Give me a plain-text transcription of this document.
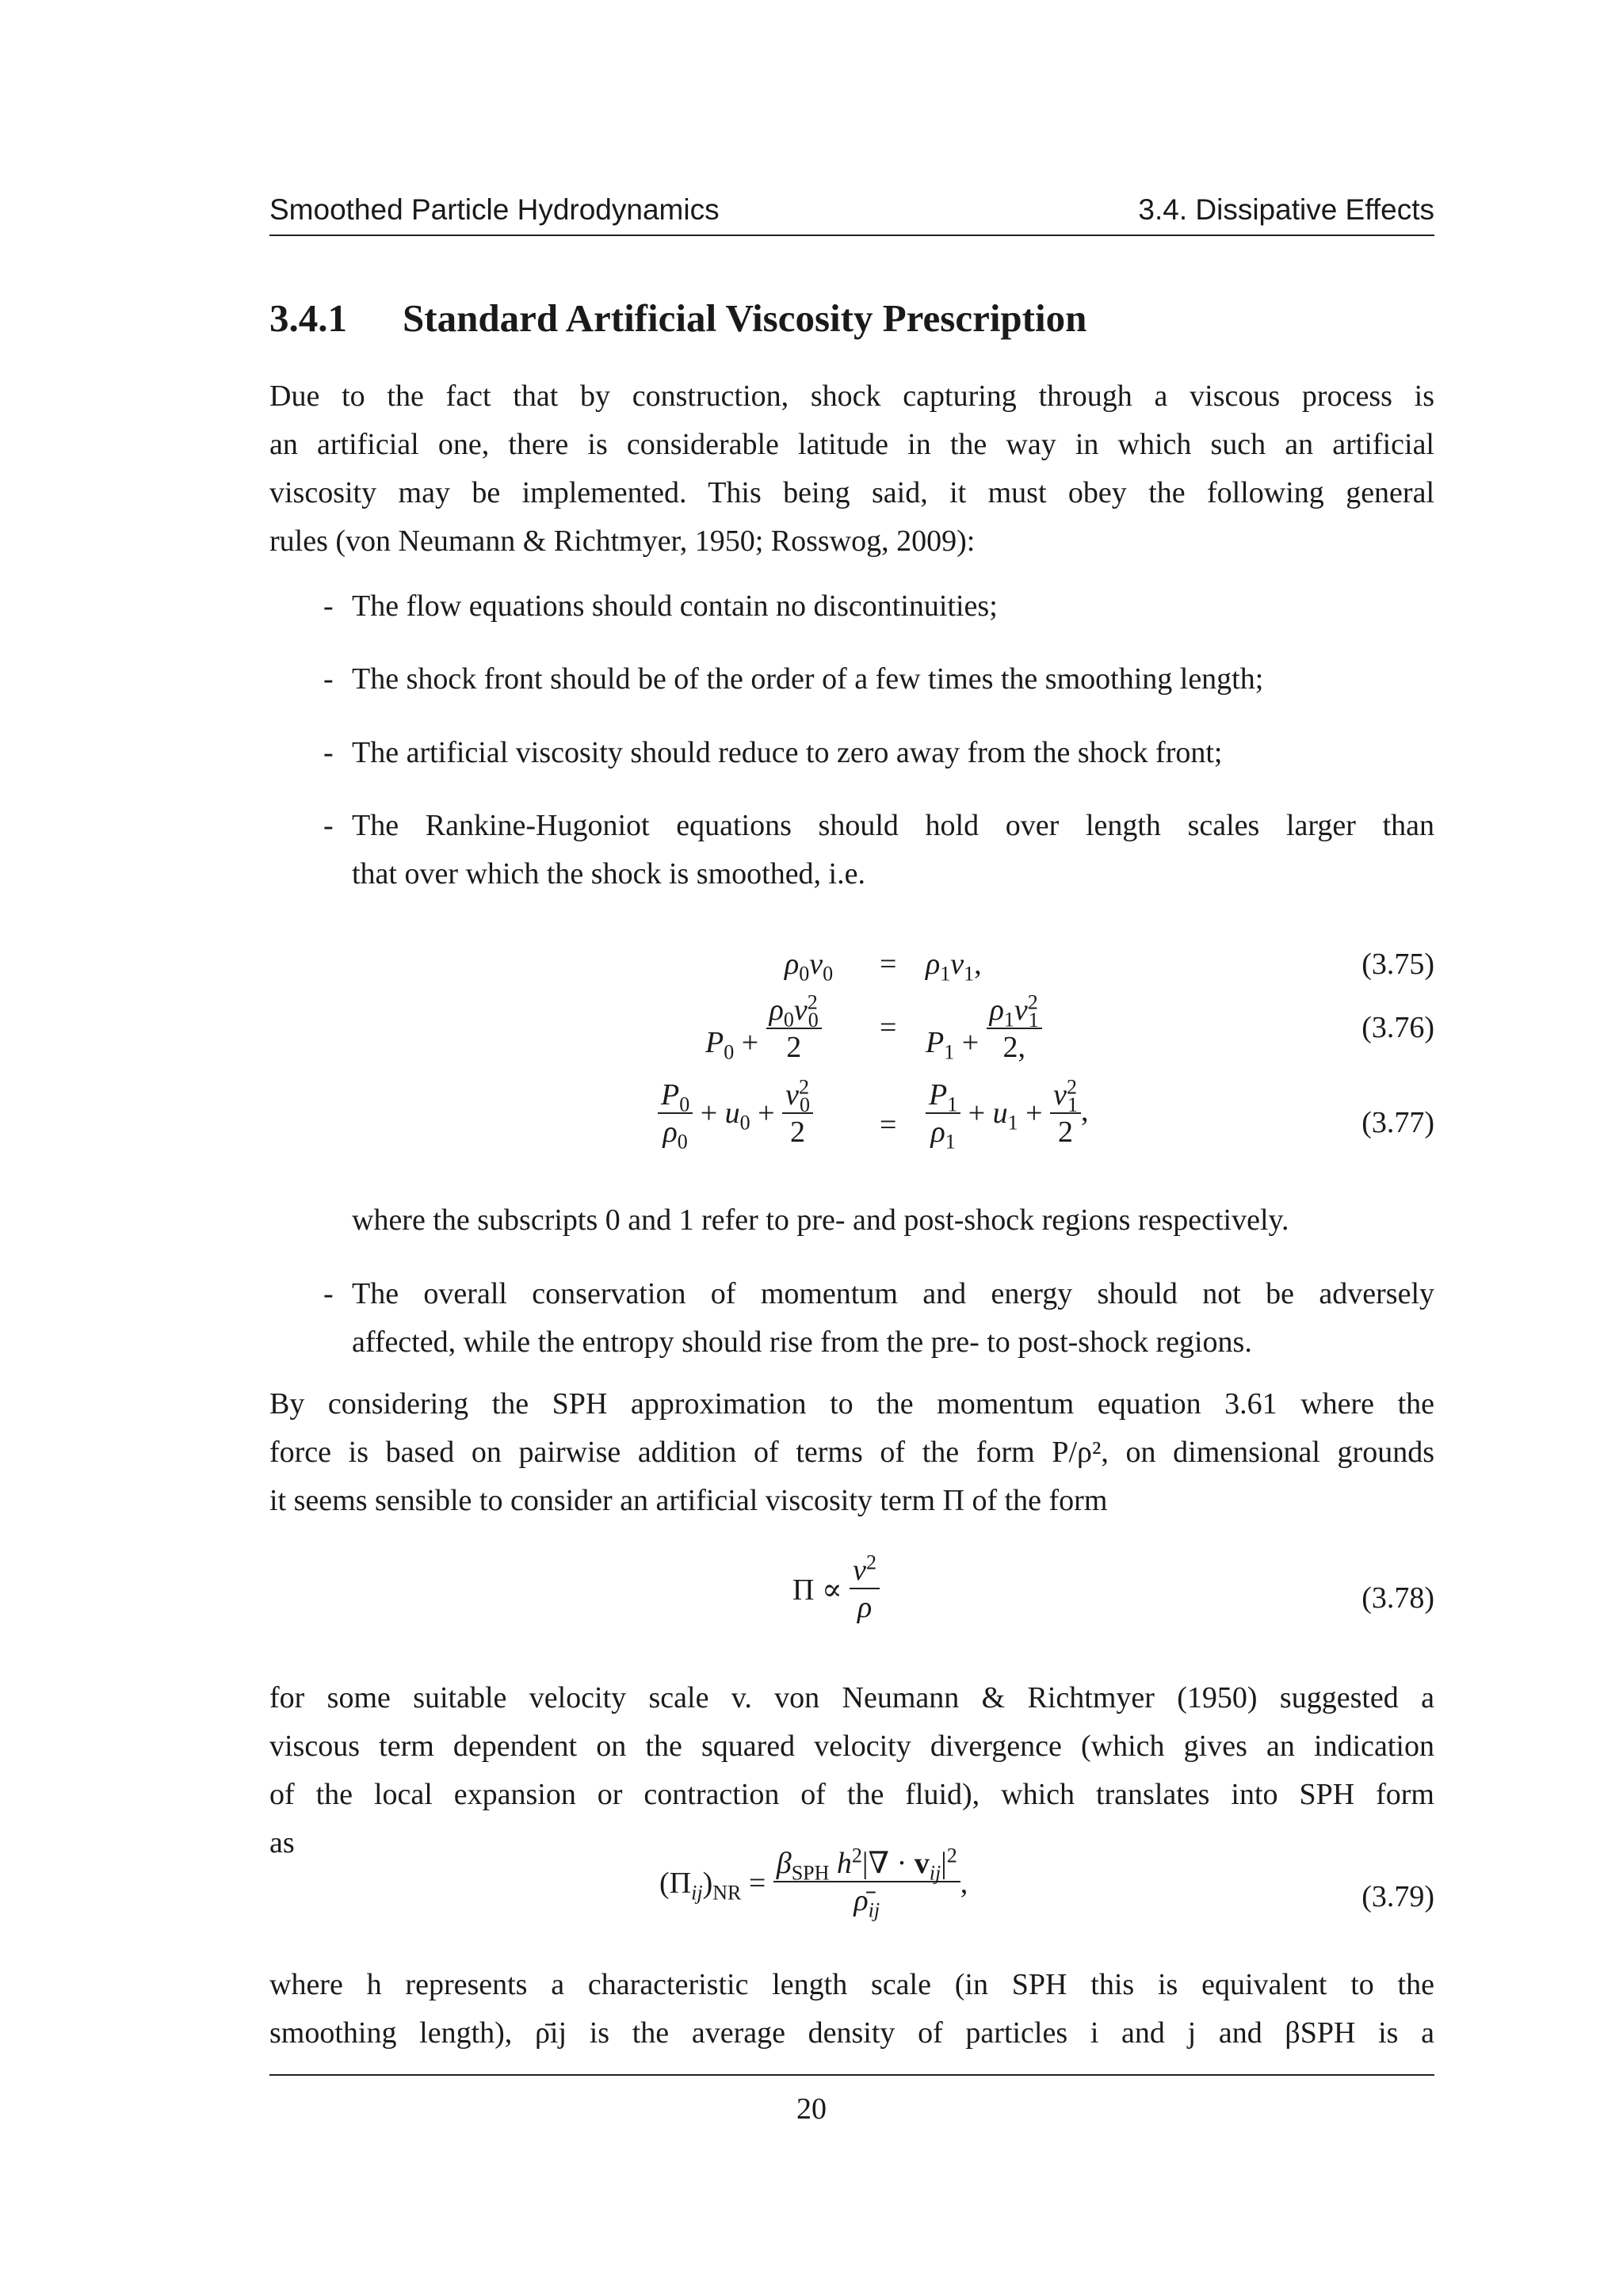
Smoothed Particle Hydrodynamics	3.4. Dissipative Effects
3.4.1 Standard Artificial Viscosity Prescription
Due to the fact that by construction, shock capturing through a viscous process is
an artificial one, there is considerable latitude in the way in which such an artificial
viscosity may be implemented. This being said, it must obey the following general
rules (von Neumann & Richtmyer, 1950; Rosswog, 2009):
- The flow equations should contain no discontinuities;
- The shock front should be of the order of a few times the smoothing length;
- The artificial viscosity should reduce to zero away from the shock front;
- The Rankine-Hugoniot equations should hold over length scales larger than
that over which the shock is smoothed, i.e.
$\rho_0v_0 = \rho_1v_1$,	(3.75)
$P_0 + \frac{\rho_0v^2_0}{2} = P_1 + \frac{\rho_1v^2_1}{2,}$	(3.76)
$\frac{P_0}{\rho_0} + u_0 + \frac{v^2_0}{2} = \frac{P_1}{\rho_1} + u_1 + \frac{v^2_1}{2}$ ,	(3.77)
where the subscripts 0 and 1 refer to pre- and post-shock regions respectively.
- The overall conservation of momentum and energy should not be adversely
affected, while the entropy should rise from the pre- to post-shock regions.
By considering the SPH approximation to the momentum equation 3.61 where the
force is based on pairwise addition of terms of the form P/ρ², on dimensional grounds
it seems sensible to consider an artificial viscosity term Π of the form
$\Pi \propto \frac{v^2}{\rho}$	(3.78)
for some suitable velocity scale v. von Neumann & Richtmyer (1950) suggested a
viscous term dependent on the squared velocity divergence (which gives an indication
of the local expansion or contraction of the fluid), which translates into SPH form
as
$(\Pi_{ij})_{NR} = \frac{\beta_{SPH} h^2|\nabla \cdot v_{ij}|^2}{\rhō_{ij}}$ ,	(3.79)
where h represents a characteristic length scale (in SPH this is equivalent to the
smoothing length), ρ̄ij is the average density of particles i and j and βSPH is a
20
